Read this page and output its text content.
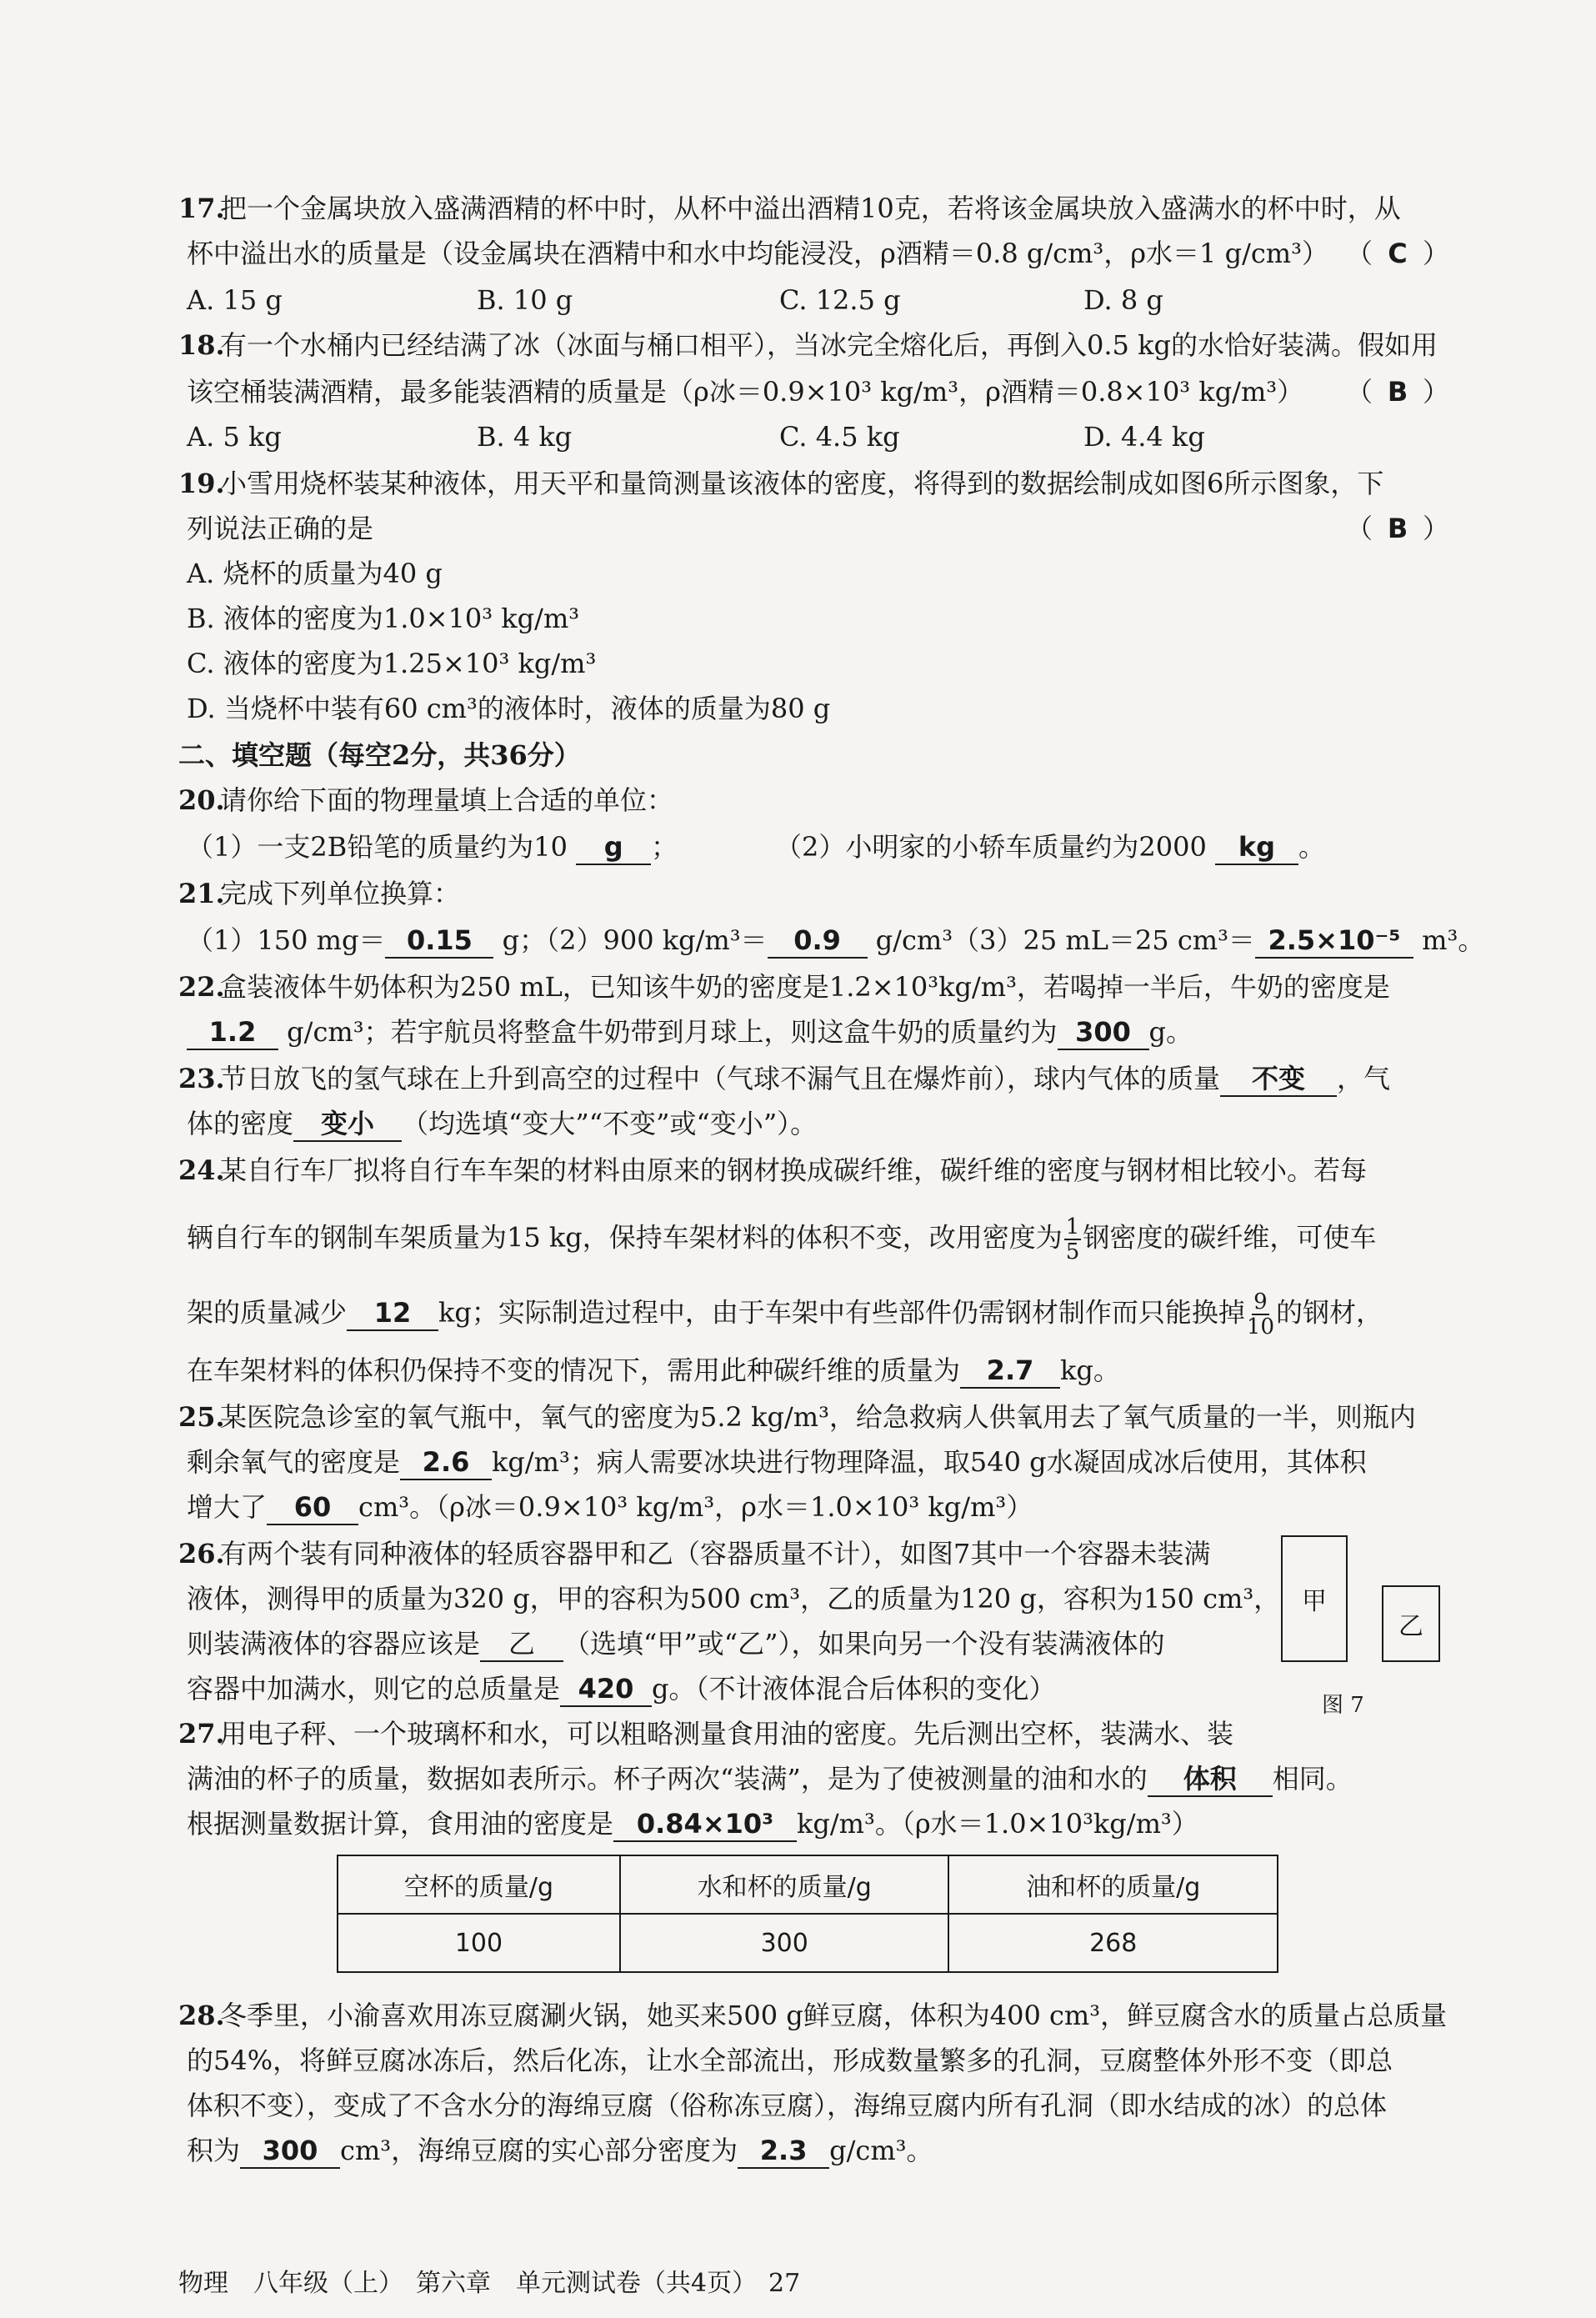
17.
把一个金属块放入盛满酒精的杯中时，从杯中溢出酒精10克，若将该金属块放入盛满水的杯中时，从
杯中溢出水的质量是（设金属块在酒精中和水中均能浸没，ρ酒精＝0.8 g/cm³，ρ水＝1 g/cm³） （ C ）
A. 15 g	B. 10 g	C. 12.5 g	D. 8 g
18.
有一个水桶内已经结满了冰（冰面与桶口相平），当冰完全熔化后，再倒入0.5 kg的水恰好装满。假如用
该空桶装满酒精，最多能装酒精的质量是（ρ冰＝0.9×10³ kg/m³，ρ酒精＝0.8×10³ kg/m³） （ B ）
A. 5 kg	B. 4 kg	C. 4.5 kg	D. 4.4 kg
19.
小雪用烧杯装某种液体，用天平和量筒测量该液体的密度，将得到的数据绘制成如图6所示图象，下
列说法正确的是	（ B ）
A. 烧杯的质量为40 g
B. 液体的密度为1.0×10³ kg/m³
C. 液体的密度为1.25×10³ kg/m³
D. 当烧杯中装有60 cm³的液体时，液体的质量为80 g
二、填空题（每空2分，共36分）
20.
请你给下面的物理量填上合适的单位：
（1）一支2B铅笔的质量约为10 g ；	（2）小明家的小轿车质量约为2000 kg 。
21.
完成下列单位换算：
（1）150 mg＝ 0.15 g；（2）900 kg/m³＝ 0.9 g/cm³（3）25 mL＝25 cm³＝ 2.5×10⁻⁵ m³。
22.
盒装液体牛奶体积为250 mL，已知该牛奶的密度是1.2×10³kg/m³，若喝掉一半后，牛奶的密度是
1.2 g/cm³；若宇航员将整盒牛奶带到月球上，则这盒牛奶的质量约为 300 g。
23.
节日放飞的氢气球在上升到高空的过程中（气球不漏气且在爆炸前），球内气体的质量 不变 ，气
体的密度 变小 （均选填“变大”“不变”或“变小”）。
24.
某自行车厂拟将自行车车架的材料由原来的钢材换成碳纤维，碳纤维的密度与钢材相比较小。若每
辆自行车的钢制车架质量为15 kg，保持车架材料的体积不变，改用密度为 $\frac{1}{5}$ 钢密度的碳纤维，可使车
架的质量减少 12 kg；实际制造过程中，由于车架中有些部件仍需钢材制作而只能换掉 $\frac{9}{10}$ 的钢材，
在车架材料的体积仍保持不变的情况下，需用此种碳纤维的质量为 2.7 kg。
25.
某医院急诊室的氧气瓶中，氧气的密度为5.2 kg/m³，给急救病人供氧用去了氧气质量的一半，则瓶内
剩余氧气的密度是 2.6 kg/m³；病人需要冰块进行物理降温，取540 g水凝固成冰后使用，其体积
增大了 60 cm³。（ρ冰＝0.9×10³ kg/m³，ρ水＝1.0×10³ kg/m³）
26.
有两个装有同种液体的轻质容器甲和乙（容器质量不计），如图7其中一个容器未装满
液体，测得甲的质量为320 g，甲的容积为500 cm³，乙的质量为120 g，容积为150 cm³，
则装满液体的容器应该是 乙 （选填“甲”或“乙”），如果向另一个没有装满液体的
容器中加满水，则它的总质量是 420 g。（不计液体混合后体积的变化）
甲
乙
图 7
27.
用电子秤、一个玻璃杯和水，可以粗略测量食用油的密度。先后测出空杯，装满水、装
满油的杯子的质量，数据如表所示。杯子两次“装满”，是为了使被测量的油和水的 体积 相同。
根据测量数据计算，食用油的密度是 0.84×10³ kg/m³。（ρ水＝1.0×10³kg/m³）
空杯的质量/g	水和杯的质量/g	油和杯的质量/g
100	300	268
28.
冬季里，小渝喜欢用冻豆腐涮火锅，她买来500 g鲜豆腐，体积为400 cm³，鲜豆腐含水的质量占总质量
的54%，将鲜豆腐冰冻后，然后化冻，让水全部流出，形成数量繁多的孔洞，豆腐整体外形不变（即总
体积不变），变成了不含水分的海绵豆腐（俗称冻豆腐），海绵豆腐内所有孔洞（即水结成的冰）的总体
积为 300 cm³，海绵豆腐的实心部分密度为 2.3 g/cm³。
物理　八年级（上）　第六章　单元测试卷（共4页） 27
